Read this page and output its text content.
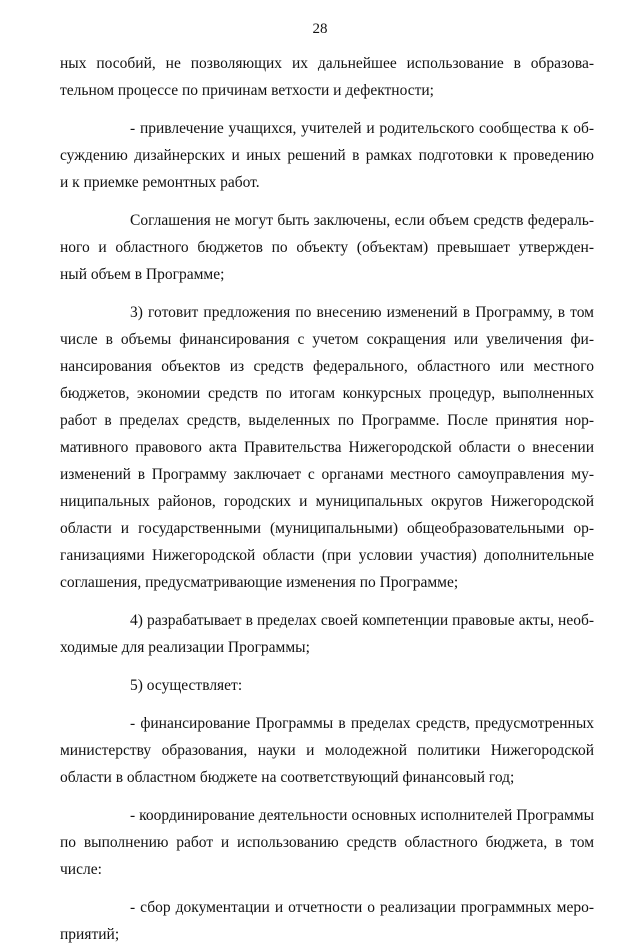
28
ных пособий, не позволяющих их дальнейшее использование в образова-
тельном процессе по причинам ветхости и дефектности;
- привлечение учащихся, учителей и родительского сообщества к об-
суждению дизайнерских и иных решений в рамках подготовки к проведению
и к приемке ремонтных работ.
Соглашения не могут быть заключены, если объем средств федераль-
ного и областного бюджетов по объекту (объектам) превышает утвержден-
ный объем в Программе;
3) готовит предложения по внесению изменений в Программу, в том
числе в объемы финансирования с учетом сокращения или увеличения фи-
нансирования объектов из средств федерального, областного или местного
бюджетов, экономии средств по итогам конкурсных процедур, выполненных
работ в пределах средств, выделенных по Программе. После принятия нор-
мативного правового акта Правительства Нижегородской области о внесении
изменений в Программу заключает с органами местного самоуправления му-
ниципальных районов, городских и муниципальных округов Нижегородской
области и государственными (муниципальными) общеобразовательными ор-
ганизациями Нижегородской области (при условии участия) дополнительные
соглашения, предусматривающие изменения по Программе;
4) разрабатывает в пределах своей компетенции правовые акты, необ-
ходимые для реализации Программы;
5) осуществляет:
- финансирование Программы в пределах средств, предусмотренных
министерству образования, науки и молодежной политики Нижегородской
области в областном бюджете на соответствующий финансовый год;
- координирование деятельности основных исполнителей Программы
по выполнению работ и использованию средств областного бюджета, в том
числе:
- сбор документации и отчетности о реализации программных меро-
приятий;
